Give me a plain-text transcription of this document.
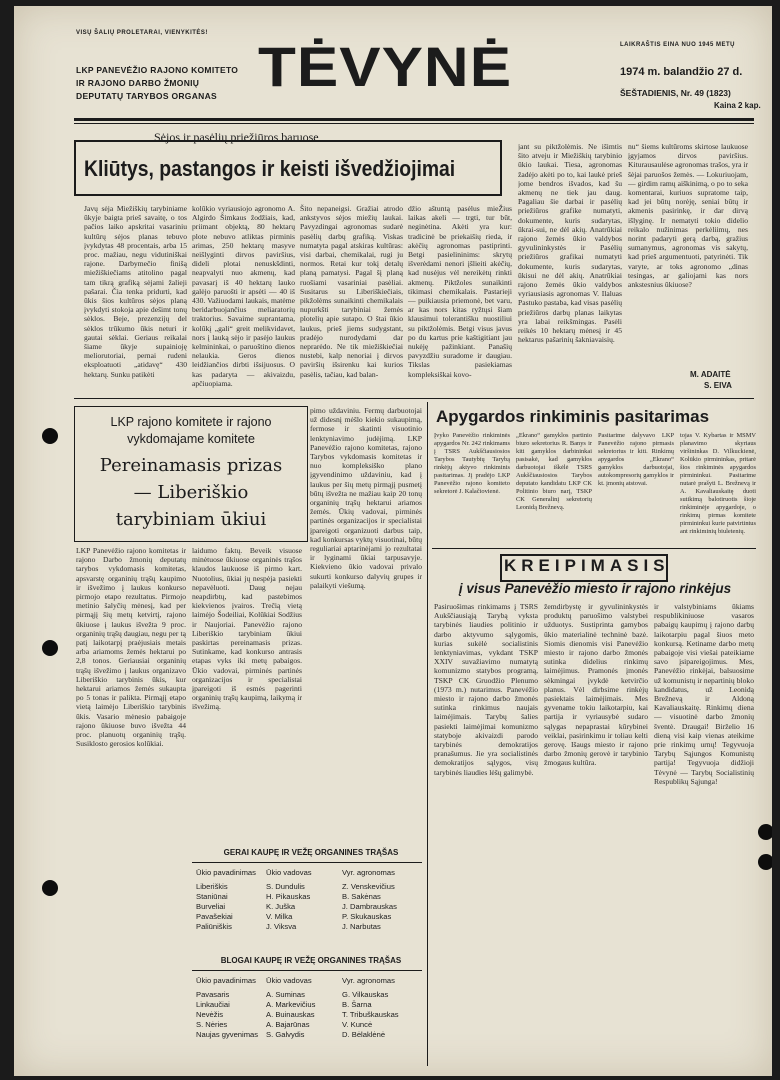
VISŲ ŠALIŲ PROLETARAI, VIENYKITĖS!
LAIKRAŠTIS EINA NUO 1945 METŲ
LKP PANEVĖŽIO RAJONO KOMITETO
IR RAJONO DARBO ŽMONIŲ
DEPUTATŲ TARYBOS ORGANAS TĖVYNĖ	1974 m. balandžio 27 d.
ŠEŠTADIENIS, Nr. 49 (1823)
Kaina 2 kap.
Sėjos ir pasėlių priežiūros baruose
Kliūtys, pastangos ir keisti išvedžiojimai
Javų sėja Miežiškių tarybiniame ūkyje baigta prieš savaitę, o tos pačios laiko apskritai vasariniu kultūrų sėjos planas tebuvo įvykdytas 48 procentais, arba 15 proc. mažiau, negu vidutiniškai rajone. Darbymečio finišą miežiškiečiams atitolino pagal tam tikrą grafiką sėjami žalieji pašarai. Čia tenka pridurti, kad ūkis šios kultūros sėjos planą įvykdyti stokoja apie dešimt tonų sėklos. Beje, prezenzijų del sėklos trūkumo ūkis neturi ir gautai sėklai. Geriaus reikalai šiame ūkyje supainioję meliorutoriai, pernai rudeni eksploatuoti „atidavę“ 430 hektarų. Sunku patikėti
kolūkio vyriausiojo agronomo A. Algirdo Šimkaus žodžiais, kad, priimant objektą, 80 hektarų plote nebuvo atliktas pirminis arimas, 250 hektarų masyve neišlyginti dirvos paviršius, dideli plotai nenuskšdinti, neapvalyti nuo akmenų, kad pavasarį iš 40 hektarų lauko galėjo paruošti ir apsėti — 40 iš 430. Važiuodami laukais, matėme beridarbuojančius meliaratorių traktorius. Savaime suprantama, kolūkį „gali“ greit melikvidavet, nors į lauką sėjo ir pasėjo laukus kelmininkai, o paruoštino dienos nelaukia. Geros dienos leidžiančios dirbti išsijuosus. O kas padaryta — akivaizdu, apčiuopiama.
Šito nepaneigsi. Gražiai atrodo ankstyvos sėjos miežių laukai. Pavyzdingai agronomas sudarė pasėlių darbų grafiką. Viskas numatyta pagal atskiras kultūras: visi darbai, chemikalai, rugi ju normos. Retai kur tokį detalų planą pamatysi. Pagal šį planą ruošiami vasariniai pasėliai. Susitarus su Liberiškiečiais, pikžolėms sunaikinti chemikalais nupurkšti tarybiniai žemės plotelių apie sutapo. O štai ūkio laukus, prieš jiems sudygstant, pradėjo nurodydami dar neprarėdo. Ne tik miežiškiečiai nustebi, kalp nenoriai į dirvos paviršių išsirenku kai kurios pasėlis, tačiau, kad balan-
džio aštuntą pasėlus mieŽius laikas akeli — trgti, tur būt, neginėtina. Akėti yra kur: tradicinė be priekaišių rieda, ir akėčių agronomas pastiprinti. Betgi pasielininims: skrytų išverėdami nenori įšlieiti akėčių, kad nusėjus vėl nereikėtų rinkti akmenų. Piktžoles sunaikinti tikimasi chemikalais. Pastarieji — puikiausia priemonė, bet varu, ar kas nors kitas ryžtųsi šiam klausimui tolerantišku nuostiliui su piktžolėmis. Betgi visus javus po du kartus prie kaštigitiant jau nukėję pažinkiant. Panašių pavyzdžiu suradome ir daugiau. Tikslas pasiekiamas kompleksiškai kovo-
jant su piktžolėmis. Ne išimtis šito atveju ir Miežiškių tarybinio ūkio laukai. Tiesa, agronomas žadėjo akėti po to, kai laukė prieš jome bendros išvados, kad šu akmenų ne tiek jau daug. Pagaliau šie darbai ir pasėlių priežiūros grafike numatyti, dokumente, kuris sudarytas, ūkrai-sui, ne dėl akių. Anatrūkiai rajono žemės ūkio valdybos gyvulininkystės ir Pasėlių priežiūros grafikai numatyti dokumente, kuris sudarytas, ūkisui ne dėl akių. Anatrūkiai rajono žemės ūkio valdybos vyriausiasis agronomas V. Ilaluas Pastuko pastaba, kad visas pasėlių priežiūros darbų planas laikytas yra labai reikšmingas. Pasėli reikės 10 hektarų mėnesį ir 45 hektarus pašarinių šakniavaisių.
nu“ šiems kultūroms skirtose laukuose įgyjamos dirvos paviršius. Kiturausaulėse agronomas trašos, yra ir šėjai paruošos žemės. — Lokuriuojam, — girdim ramų aiškinimą, o po to seka komentarai, kuriuos supratome taip, kad jei būtų norėję, seniai būtų ir akmenis pasirinkę, ir dar dirvą išlyginę. Ir nematyti tokio didelio reikalo nužinimas perkėliimų, nes norint padaryti gerą darbą, gražius sumanymus, agronomas vis sakytų, kad prieš argumentuoti, patyrinėti. Tik varyte, ar toks agronomo „dinas tesingas, ar galiojami kas nors ankstesnius ūkiuose?
M. ADAITĖ
S. EIVA
LKP rajono komitete ir rajono
vykdomajame komitete
Pereinamasis prizas
— Liberiškio
tarybiniam ūkiui
LKP Panevėžio rajono komitetas ir rajono Darbo žmonių deputatų tarybos vykdomasis komitetas, apsvarstę organinių trąšų kaupimo ir išvežimo į laukus konkurso pirmojo etapo rezultatus. Pirmojo metinio šalyčių mėnesį, kad per pirmąjį šių metų ketvirtį, rajono ūkiuose į laukus išvežta 9 proc. organinių trąšų daugiau, negu per tą patį laikotarpį praėjusiais metais arba ariamoms žemės hektarui po 2,8 tonos. Geriausiai organinių trąšų išvežimo į laukus organizavo Liberiškio tarybinis ūkis, kur hektarui ariamos žemės sukaupta po 5 tonas ir palikta. Pirmąjį etapo vietą laimėjo Liberiškio tarybinis ūkis. Vasario mėnesio pabaigoje rajono ūkiuose buvo išvežta 44 proc. planuotų organinių trąšų. Susiklosto gerosios kolūkiai.
laidumo faktų. Beveik visuose minėtuose ūkiuose organinės trąšos klaudos laukuose iš pirmo kart. Nuotolius, ūkiai jų nespėja pasiekti nepavėluoti. Daug nejau neapdirbtų, kad pastebimos kiekvienos įvairos. Trečią vietą laimėjo Šodeiliai, Kolūkiai Sodžius ir Naujoriai. Panevėžio rajono Liberiškio tarybiniam ūkiui paskirtas pereinamasis prizas. Sutinkame, kad konkurso antrasis etapas vyks iki metų pabaigos. Ūkio vadovai, pirminės partinės organizacijos ir specialistai įpareigoti iš esmės pagerinti organinių trąšų kaupimą, laikymą ir išvežimą.
pimo uždaviniu. Fermų darbuotojai už didesnį mėšlo kiekio sukaupimą, fermose ir skatinti visuotinio lenktyniavimo judėjimą. LKP Panevėžio rajono komitetas, rajono Tarybos vykdomasis komitetas ir nuo kompleksiško plano įgyvendinimo uždaviniu, kad į laukus per šių metų pirmąjį pusmetį būtų išvežta ne mažiau kaip 20 tonų organinių trąšų hektarui ariamos žemės. Ūkių vadovai, pirminės partinės organizacijos ir specialistai įpareigoti organizuoti darbus taip, kad konkursas vyktų visuotinai, būtų reguliariai aptarinėjami jo rezultatai ir lyginami ūkiai tarpusavyje. Kiekvieno ūkio vadovai privalo sukurti konkurso dalyvių grupes ir palaikyti viešumą.
GERAI KAUPĘ IR VEŽĘ ORGANINES TRĄŠAS
Ūkio pavadinimas	Ūkio vadovas	Vyr. agronomas

Liberiškis	S. Dundulis	Z. Venskevičius
Staniūnai	H. Pikauskas	B. Sakėnas
Burveliai	K. Juška	J. Dambrauskas
Pavašekiai	V. Milka	P. Skukauskas
Paliūniškis	J. Viksva	J. Narbutas
BLOGAI KAUPĘ IR VEŽĘ ORGANINES TRĄŠAS
Ūkio pavadinimas	Ūkio vadovas	Vyr. agronomas

Pavasaris	A. Suminas	G. Vilkauskas
Linkaučiai	A. Markevičius	B. Šarna
Nevėžis	A. Buinauskas	T. Tribuškauskas
S. Nėries	A. Bajarūnas	V. Kuncė
Naujas gyvenimas	S. Galvydis	D. Bėlaklėnė
Apygardos rinkiminis pasitarimas
Įvyko Panevėžio rinkiminės apygardos Nr. 242 rinkimams į TSRS Aukščiausiosios Tarybos Tautybių Tarybą rinkėjų aktyvo rinkiminis pasitarimas. Jį pradėjo LKP Panevėžio rajono komiteto sekretorė J. Kalačiovienė.
„Ekrano“ gamyklos partinio biuro sekretorius R. Banys ir kiti gamyklos darbininkai pasisakė, kad gamyklos darbuotojai iškėlė TSRS Aukščiausiosios Tarybos deputato kandidatu LKP CK Politinio biuro narį, TSKP CK Generalinį sekretorių Leonidą Brežnevą.
Pasitarime dalyvavo LKP Panevėžio rajono pirmasis sekretorius ir kiti. Rinkimų apygardos „Ekrano“ gamyklos darbuotojai, autokompresorių gamyklos ir kt. įmonių atstovai.
tojas V. Kybartas ir MSMV planavimo skyriaus viršininkas D. Vilkuckienė, Kolūkio pirmininkas, pritarė šios rinkiminės apygardos pirmininkui. Pasitarime nutarė prašyti L. Brežnevą ir A. Kavaliauskaitę duoti sutikimą balotiruotis šioje rinkiminėje apygardoje, o rinkimų pirmas komitete pirmininkui kurie patvirtintus ant rinkiminių biuletenių.
KREIPIMASIS
į visus Panevėžio miesto ir rajono rinkėjus
Pasiruošimas rinkimams į TSRS Aukščiausiąją Tarybą vyksta tarybinės liaudies politinio ir darbo aktyvumo sąlygomis, kurias sukėlė socialistinis lenktyniavimas, vykdant TSKP XXIV suvažiavimo numatytą komunizmo statybos programą, TSKP CK Gruodžio Plenumo (1973 m.) nutarimus. Panevėžio miesto ir rajono darbo žmonės sutinka rinkimus naujais laimėjimais. Tarybų šalies pasiekti laimėjimai komunizmo statyboje akivaizdi parodo tarybinės demokratijos pranašumus. Jie yra socialistinės demokratijos sąlygos, visų tarybinės liaudies lėšų galimybė.
žemdirbystę ir gyvulininkystės produktų paruošimo valstybei užduotys. Sustiprinta gamybos ūkio materialinė techninė bazė. Siomis dienomis visi Panevėžio miesto ir rajono darbo žmonės sutinka didelius rinkimų laimėjimus. Pramonės įmonės sėkmingai įvykdė ketvirčio planus. Vėl dirbsime rinkėjų pasiektais laimėjimais. Mes gyvename tokiu laikotarpiu, kai partija ir vyriausybė sudaro sąlygas nepaprastai kūrybinei veiklai, pasirinkimu ir toliau kelti gerovę. Išaugs miesto ir rajono darbo žmonių gerovė ir tarybinio žmogaus kultūra.
ir valstybiniams ūkiams respublikiniuose vasaros pabaigų kaupimų į rajono darbų laikotarpiu pagal šiuos meto konkursą. Ketiname darbo metų pabaigoje visi viešai pateikiame savo įsipareigojimus. Mes, Panevėžio rinkėjai, balsuosime už komunistų ir nepartinių bloko kandidatus, už Leonidą Brežnevą ir Aldoną Kavaliauskaitę. Rinkimų diena — visuotinė darbo žmonių šventė. Draugai! Birželio 16 dieną visi kaip vienas ateikime prie rinkimų urnų! Tegyvuoja Tarybų Sąjungos Komunistų partija! Tegyvuoja didžioji Tėvynė — Tarybų Socialistinių Respublikų Sąjunga!
